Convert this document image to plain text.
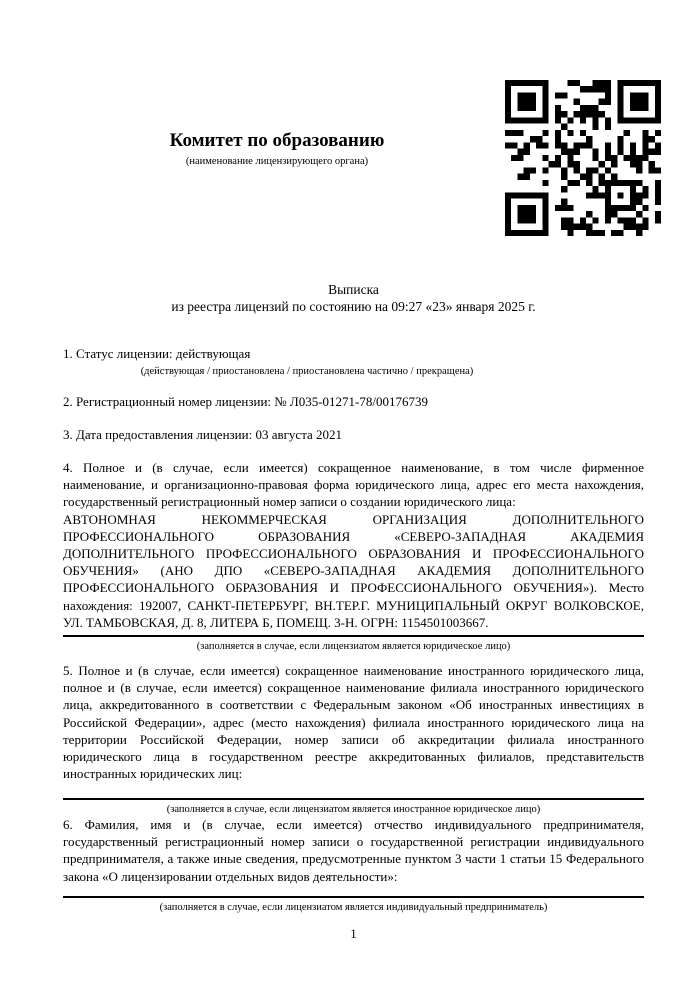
Комитет по образованию
(наименование лицензирующего органа)
Выписка
из реестра лицензий по состоянию на 09:27 «23» января 2025 г.
1. Статус лицензии: действующая
(действующая / приостановлена / приостановлена частично / прекращена)
2. Регистрационный номер лицензии: № Л035-01271-78/00176739
3. Дата предоставления лицензии: 03 августа 2021
4. Полное и (в случае, если имеется) сокращенное наименование, в том числе фирменное наименование, и организационно-правовая форма юридического лица, адрес его места нахождения, государственный регистрационный номер записи о создании юридического лица:
АВТОНОМНАЯ НЕКОММЕРЧЕСКАЯ ОРГАНИЗАЦИЯ ДОПОЛНИТЕЛЬНОГО ПРОФЕССИОНАЛЬНОГО ОБРАЗОВАНИЯ «СЕВЕРО-ЗАПАДНАЯ АКАДЕМИЯ ДОПОЛНИТЕЛЬНОГО ПРОФЕССИОНАЛЬНОГО ОБРАЗОВАНИЯ И ПРОФЕССИОНАЛЬНОГО ОБУЧЕНИЯ» (АНО ДПО «СЕВЕРО-ЗАПАДНАЯ АКАДЕМИЯ ДОПОЛНИТЕЛЬНОГО ПРОФЕССИОНАЛЬНОГО ОБРАЗОВАНИЯ И ПРОФЕССИОНАЛЬНОГО ОБУЧЕНИЯ»). Место нахождения: 192007, САНКТ-ПЕТЕРБУРГ, ВН.ТЕР.Г. МУНИЦИПАЛЬНЫЙ ОКРУГ ВОЛКОВСКОЕ, УЛ. ТАМБОВСКАЯ, Д. 8, ЛИТЕРА Б, ПОМЕЩ. 3-Н. ОГРН: 1154501003667.
(заполняется в случае, если лицензиатом является юридическое лицо)
5. Полное и (в случае, если имеется) сокращенное наименование иностранного юридического лица, полное и (в случае, если имеется) сокращенное наименование филиала иностранного юридического лица, аккредитованного в соответствии с Федеральным законом «Об иностранных инвестициях в Российской Федерации», адрес (место нахождения) филиала иностранного юридического лица на территории Российской Федерации, номер записи об аккредитации филиала иностранного юридического лица в государственном реестре аккредитованных филиалов, представительств иностранных юридических лиц:
(заполняется в случае, если лицензиатом является иностранное юридическое лицо)
6. Фамилия, имя и (в случае, если имеется) отчество индивидуального предпринимателя, государственный регистрационный номер записи о государственной регистрации индивидуального предпринимателя, а также иные сведения, предусмотренные пунктом 3 части 1 статьи 15 Федерального закона «О лицензировании отдельных видов деятельности»:
(заполняется в случае, если лицензиатом является индивидуальный предприниматель)
1
